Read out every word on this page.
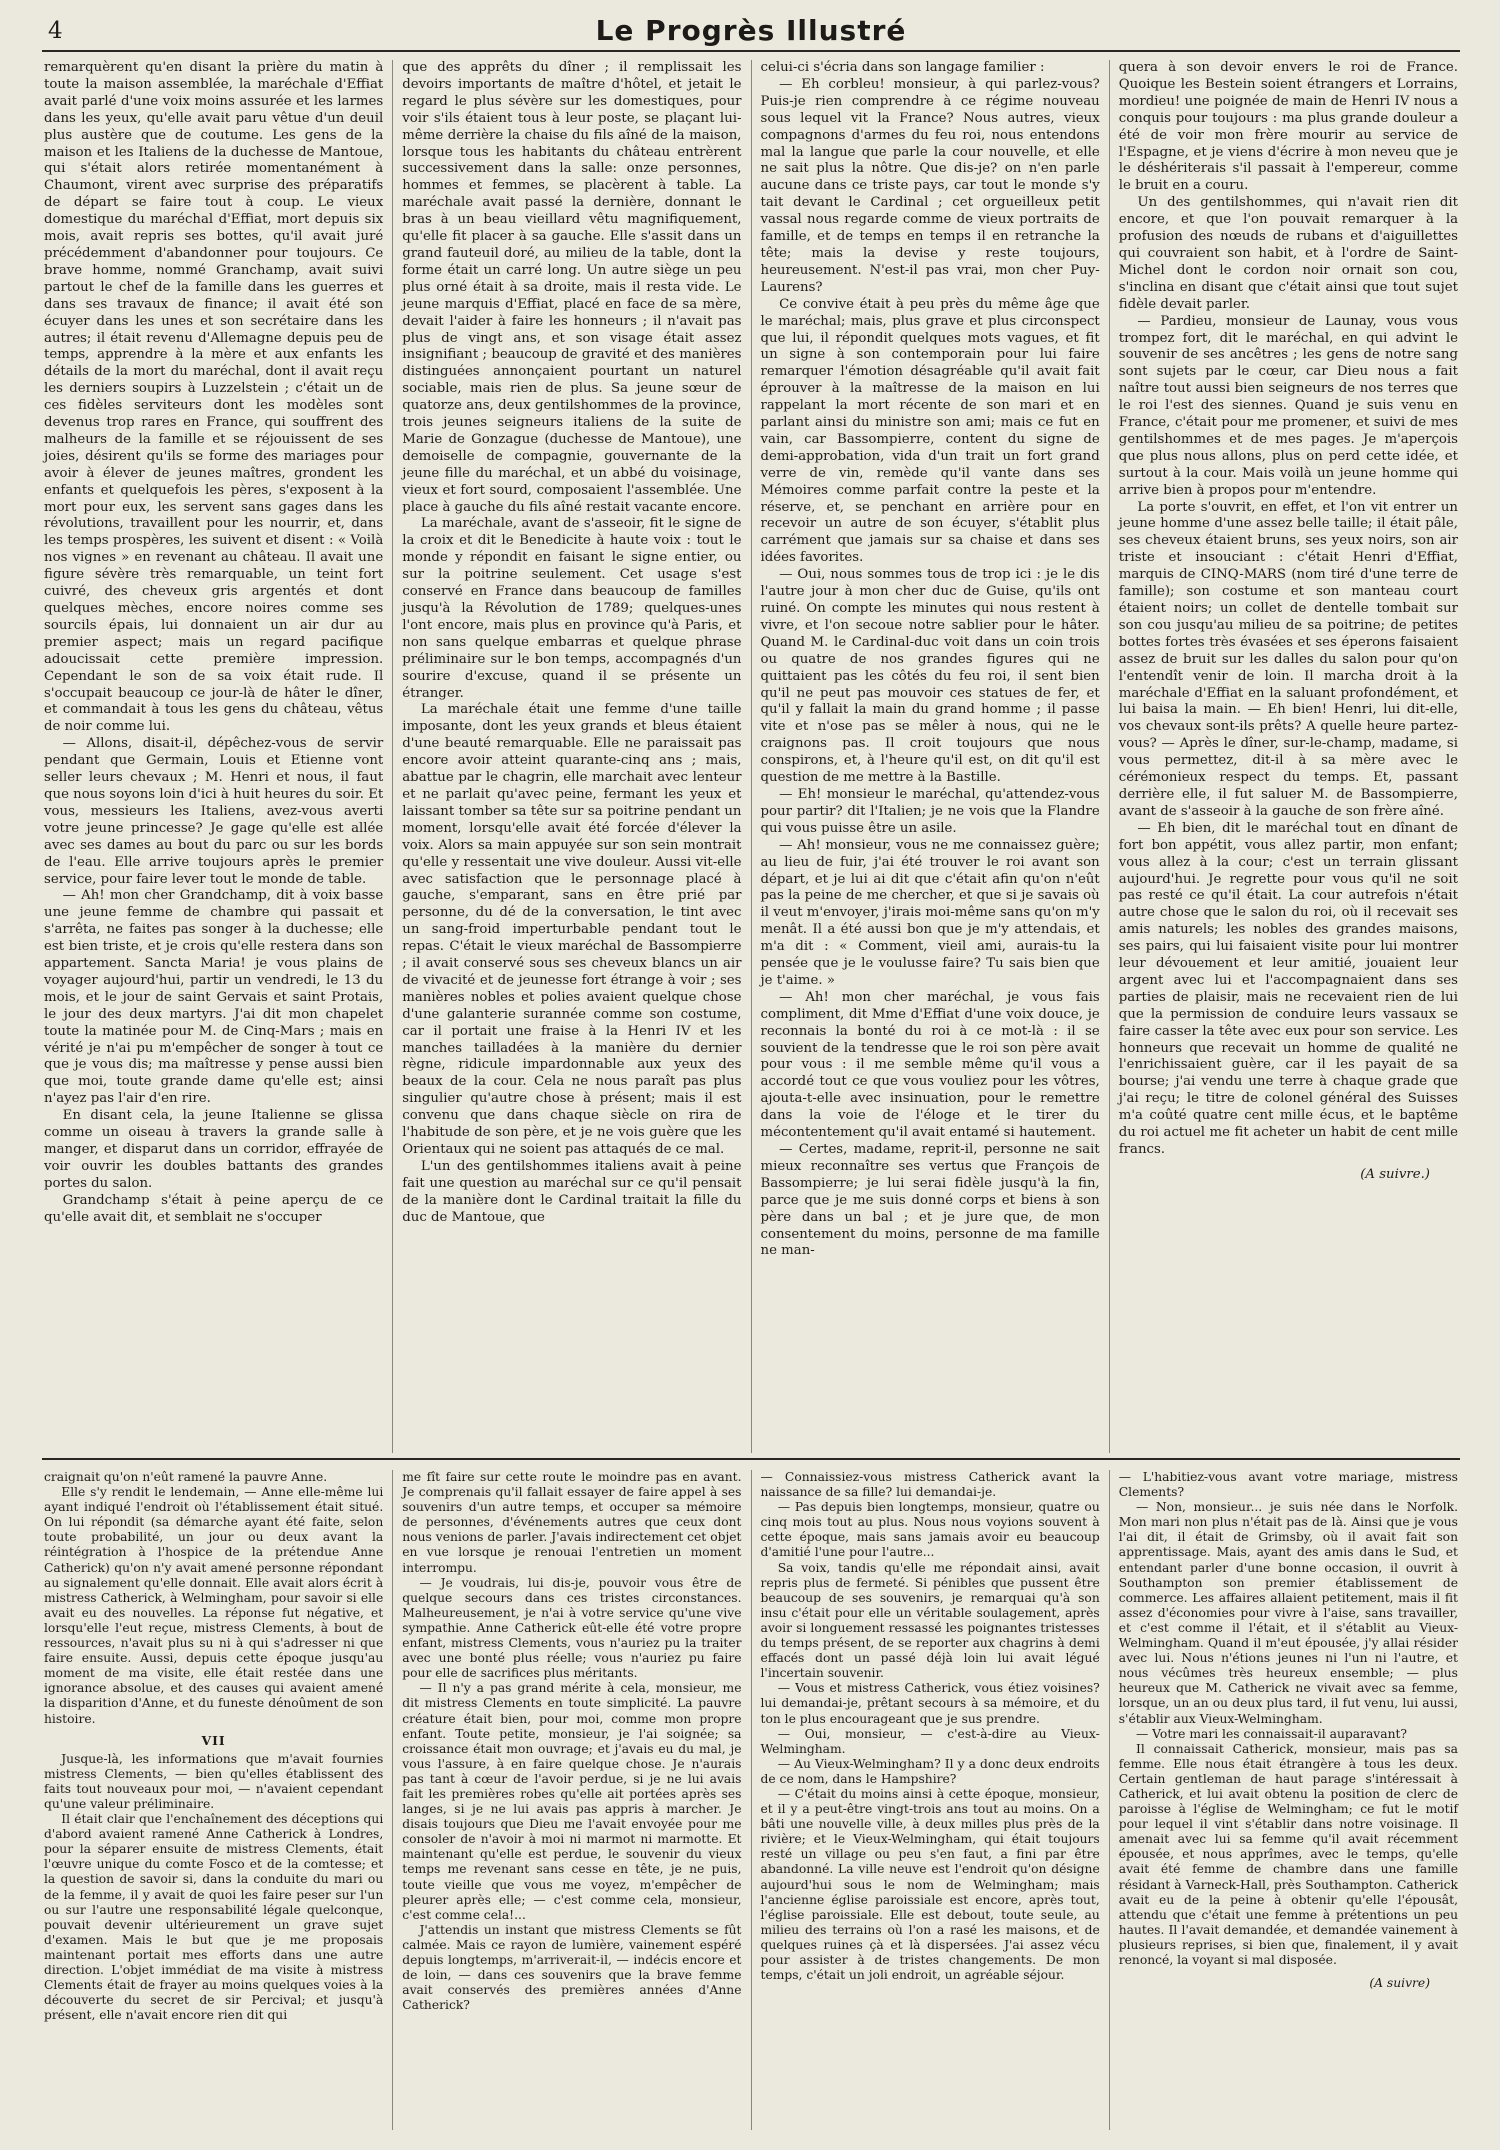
4	Le Progrès Illustré

remarquèrent qu'en disant la prière du matin à toute la maison assemblée, la maréchale d'Effiat avait parlé d'une voix moins assurée et les larmes dans les yeux, qu'elle avait paru vêtue d'un deuil plus austère que de coutume. Les gens de la maison et les Italiens de la duchesse de Mantoue, qui s'était alors retirée momentanément à Chaumont, virent avec surprise des préparatifs de départ se faire tout à coup. Le vieux domestique du maréchal d'Effiat, mort depuis six mois, avait repris ses bottes, qu'il avait juré précédemment d'abandonner pour toujours. Ce brave homme, nommé Granchamp, avait suivi partout le chef de la famille dans les guerres et dans ses travaux de finance; il avait été son écuyer dans les unes et son secrétaire dans les autres; il était revenu d'Allemagne depuis peu de temps, apprendre à la mère et aux enfants les détails de la mort du maréchal, dont il avait reçu les derniers soupirs à Luzzelstein ; c'était un de ces fidèles serviteurs dont les modèles sont devenus trop rares en France, qui souffrent des malheurs de la famille et se réjouissent de ses joies, désirent qu'ils se forme des mariages pour avoir à élever de jeunes maîtres, grondent les enfants et quelquefois les pères, s'exposent à la mort pour eux, les servent sans gages dans les révolutions, travaillent pour les nourrir, et, dans les temps prospères, les suivent et disent : « Voilà nos vignes » en revenant au château. Il avait une figure sévère très remarquable, un teint fort cuivré, des cheveux gris argentés et dont quelques mèches, encore noires comme ses sourcils épais, lui donnaient un air dur au premier aspect; mais un regard pacifique adoucissait cette première impression. Cependant le son de sa voix était rude. Il s'occupait beaucoup ce jour-là de hâter le dîner, et commandait à tous les gens du château, vêtus de noir comme lui.

— Allons, disait-il, dépêchez-vous de servir pendant que Germain, Louis et Etienne vont seller leurs chevaux ; M. Henri et nous, il faut que nous soyons loin d'ici à huit heures du soir. Et vous, messieurs les Italiens, avez-vous averti votre jeune princesse? Je gage qu'elle est allée avec ses dames au bout du parc ou sur les bords de l'eau. Elle arrive toujours après le premier service, pour faire lever tout le monde de table.

— Ah! mon cher Grandchamp, dit à voix basse une jeune femme de chambre qui passait et s'arrêta, ne faites pas songer à la duchesse; elle est bien triste, et je crois qu'elle restera dans son appartement. Sancta Maria! je vous plains de voyager aujourd'hui, partir un vendredi, le 13 du mois, et le jour de saint Gervais et saint Protais, le jour des deux martyrs. J'ai dit mon chapelet toute la matinée pour M. de Cinq-Mars ; mais en vérité je n'ai pu m'empêcher de songer à tout ce que je vous dis; ma maîtresse y pense aussi bien que moi, toute grande dame qu'elle est; ainsi n'ayez pas l'air d'en rire.

En disant cela, la jeune Italienne se glissa comme un oiseau à travers la grande salle à manger, et disparut dans un corridor, effrayée de voir ouvrir les doubles battants des grandes portes du salon.

Grandchamp s'était à peine aperçu de ce qu'elle avait dit, et semblait ne s'occuper

que des apprêts du dîner ; il remplissait les devoirs importants de maître d'hôtel, et jetait le regard le plus sévère sur les domestiques, pour voir s'ils étaient tous à leur poste, se plaçant lui-même derrière la chaise du fils aîné de la maison, lorsque tous les habitants du château entrèrent successivement dans la salle: onze personnes, hommes et femmes, se placèrent à table. La maréchale avait passé la dernière, donnant le bras à un beau vieillard vêtu magnifiquement, qu'elle fit placer à sa gauche. Elle s'assit dans un grand fauteuil doré, au milieu de la table, dont la forme était un carré long. Un autre siège un peu plus orné était à sa droite, mais il resta vide. Le jeune marquis d'Effiat, placé en face de sa mère, devait l'aider à faire les honneurs ; il n'avait pas plus de vingt ans, et son visage était assez insignifiant ; beaucoup de gravité et des manières distinguées annonçaient pourtant un naturel sociable, mais rien de plus. Sa jeune sœur de quatorze ans, deux gentilshommes de la province, trois jeunes seigneurs italiens de la suite de Marie de Gonzague (duchesse de Mantoue), une demoiselle de compagnie, gouvernante de la jeune fille du maréchal, et un abbé du voisinage, vieux et fort sourd, composaient l'assemblée. Une place à gauche du fils aîné restait vacante encore.

La maréchale, avant de s'asseoir, fit le signe de la croix et dit le Benedicite à haute voix : tout le monde y répondit en faisant le signe entier, ou sur la poitrine seulement. Cet usage s'est conservé en France dans beaucoup de familles jusqu'à la Révolution de 1789; quelques-unes l'ont encore, mais plus en province qu'à Paris, et non sans quelque embarras et quelque phrase préliminaire sur le bon temps, accompagnés d'un sourire d'excuse, quand il se présente un étranger.

La maréchale était une femme d'une taille imposante, dont les yeux grands et bleus étaient d'une beauté remarquable. Elle ne paraissait pas encore avoir atteint quarante-cinq ans ; mais, abattue par le chagrin, elle marchait avec lenteur et ne parlait qu'avec peine, fermant les yeux et laissant tomber sa tête sur sa poitrine pendant un moment, lorsqu'elle avait été forcée d'élever la voix. Alors sa main appuyée sur son sein montrait qu'elle y ressentait une vive douleur. Aussi vit-elle avec satisfaction que le personnage placé à gauche, s'emparant, sans en être prié par personne, du dé de la conversation, le tint avec un sang-froid imperturbable pendant tout le repas. C'était le vieux maréchal de Bassompierre ; il avait conservé sous ses cheveux blancs un air de vivacité et de jeunesse fort étrange à voir ; ses manières nobles et polies avaient quelque chose d'une galanterie surannée comme son costume, car il portait une fraise à la Henri IV et les manches tailladées à la manière du dernier règne, ridicule impardonnable aux yeux des beaux de la cour. Cela ne nous paraît pas plus singulier qu'autre chose à présent; mais il est convenu que dans chaque siècle on rira de l'habitude de son père, et je ne vois guère que les Orientaux qui ne soient pas attaqués de ce mal.

L'un des gentilshommes italiens avait à peine fait une question au maréchal sur ce qu'il pensait de la manière dont le Cardinal traitait la fille du duc de Mantoue, que

celui-ci s'écria dans son langage familier :

— Eh corbleu! monsieur, à qui parlez-vous? Puis-je rien comprendre à ce régime nouveau sous lequel vit la France? Nous autres, vieux compagnons d'armes du feu roi, nous entendons mal la langue que parle la cour nouvelle, et elle ne sait plus la nôtre. Que dis-je? on n'en parle aucune dans ce triste pays, car tout le monde s'y tait devant le Cardinal ; cet orgueilleux petit vassal nous regarde comme de vieux portraits de famille, et de temps en temps il en retranche la tête; mais la devise y reste toujours, heureusement. N'est-il pas vrai, mon cher Puy-Laurens?

Ce convive était à peu près du même âge que le maréchal; mais, plus grave et plus circonspect que lui, il répondit quelques mots vagues, et fit un signe à son contemporain pour lui faire remarquer l'émotion désagréable qu'il avait fait éprouver à la maîtresse de la maison en lui rappelant la mort récente de son mari et en parlant ainsi du ministre son ami; mais ce fut en vain, car Bassompierre, content du signe de demi-approbation, vida d'un trait un fort grand verre de vin, remède qu'il vante dans ses Mémoires comme parfait contre la peste et la réserve, et, se penchant en arrière pour en recevoir un autre de son écuyer, s'établit plus carrément que jamais sur sa chaise et dans ses idées favorites.

— Oui, nous sommes tous de trop ici : je le dis l'autre jour à mon cher duc de Guise, qu'ils ont ruiné. On compte les minutes qui nous restent à vivre, et l'on secoue notre sablier pour le hâter. Quand M. le Cardinal-duc voit dans un coin trois ou quatre de nos grandes figures qui ne quittaient pas les côtés du feu roi, il sent bien qu'il ne peut pas mouvoir ces statues de fer, et qu'il y fallait la main du grand homme ; il passe vite et n'ose pas se mêler à nous, qui ne le craignons pas. Il croit toujours que nous conspirons, et, à l'heure qu'il est, on dit qu'il est question de me mettre à la Bastille.

— Eh! monsieur le maréchal, qu'attendez-vous pour partir? dit l'Italien; je ne vois que la Flandre qui vous puisse être un asile.

— Ah! monsieur, vous ne me connaissez guère; au lieu de fuir, j'ai été trouver le roi avant son départ, et je lui ai dit que c'était afin qu'on n'eût pas la peine de me chercher, et que si je savais où il veut m'envoyer, j'irais moi-même sans qu'on m'y menât. Il a été aussi bon que je m'y attendais, et m'a dit : « Comment, vieil ami, aurais-tu la pensée que je le voulusse faire? Tu sais bien que je t'aime. »

— Ah! mon cher maréchal, je vous fais compliment, dit Mme d'Effiat d'une voix douce, je reconnais la bonté du roi à ce mot-là : il se souvient de la tendresse que le roi son père avait pour vous : il me semble même qu'il vous a accordé tout ce que vous vouliez pour les vôtres, ajouta-t-elle avec insinuation, pour le remettre dans la voie de l'éloge et le tirer du mécontentement qu'il avait entamé si hautement.

— Certes, madame, reprit-il, personne ne sait mieux reconnaître ses vertus que François de Bassompierre; je lui serai fidèle jusqu'à la fin, parce que je me suis donné corps et biens à son père dans un bal ; et je jure que, de mon consentement du moins, personne de ma famille ne man-

quera à son devoir envers le roi de France. Quoique les Bestein soient étrangers et Lorrains, mordieu! une poignée de main de Henri IV nous a conquis pour toujours : ma plus grande douleur a été de voir mon frère mourir au service de l'Espagne, et je viens d'écrire à mon neveu que je le déshériterais s'il passait à l'empereur, comme le bruit en a couru.

Un des gentilshommes, qui n'avait rien dit encore, et que l'on pouvait remarquer à la profusion des nœuds de rubans et d'aiguillettes qui couvraient son habit, et à l'ordre de Saint-Michel dont le cordon noir ornait son cou, s'inclina en disant que c'était ainsi que tout sujet fidèle devait parler.

— Pardieu, monsieur de Launay, vous vous trompez fort, dit le maréchal, en qui advint le souvenir de ses ancêtres ; les gens de notre sang sont sujets par le cœur, car Dieu nous a fait naître tout aussi bien seigneurs de nos terres que le roi l'est des siennes. Quand je suis venu en France, c'était pour me promener, et suivi de mes gentilshommes et de mes pages. Je m'aperçois que plus nous allons, plus on perd cette idée, et surtout à la cour. Mais voilà un jeune homme qui arrive bien à propos pour m'entendre.

La porte s'ouvrit, en effet, et l'on vit entrer un jeune homme d'une assez belle taille; il était pâle, ses cheveux étaient bruns, ses yeux noirs, son air triste et insouciant : c'était Henri d'Effiat, marquis de CINQ-MARS (nom tiré d'une terre de famille); son costume et son manteau court étaient noirs; un collet de dentelle tombait sur son cou jusqu'au milieu de sa poitrine; de petites bottes fortes très évasées et ses éperons faisaient assez de bruit sur les dalles du salon pour qu'on l'entendît venir de loin. Il marcha droit à la maréchale d'Effiat en la saluant profondément, et lui baisa la main. — Eh bien! Henri, lui dit-elle, vos chevaux sont-ils prêts? A quelle heure partez-vous? — Après le dîner, sur-le-champ, madame, si vous permettez, dit-il à sa mère avec le cérémonieux respect du temps. Et, passant derrière elle, il fut saluer M. de Bassompierre, avant de s'asseoir à la gauche de son frère aîné.

— Eh bien, dit le maréchal tout en dînant de fort bon appétit, vous allez partir, mon enfant; vous allez à la cour; c'est un terrain glissant aujourd'hui. Je regrette pour vous qu'il ne soit pas resté ce qu'il était. La cour autrefois n'était autre chose que le salon du roi, où il recevait ses amis naturels; les nobles des grandes maisons, ses pairs, qui lui faisaient visite pour lui montrer leur dévouement et leur amitié, jouaient leur argent avec lui et l'accompagnaient dans ses parties de plaisir, mais ne recevaient rien de lui que la permission de conduire leurs vassaux se faire casser la tête avec eux pour son service. Les honneurs que recevait un homme de qualité ne l'enrichissaient guère, car il les payait de sa bourse; j'ai vendu une terre à chaque grade que j'ai reçu; le titre de colonel général des Suisses m'a coûté quatre cent mille écus, et le baptême du roi actuel me fit acheter un habit de cent mille francs.

(A suivre.)

craignait qu'on n'eût ramené la pauvre Anne.

Elle s'y rendit le lendemain, — Anne elle-même lui ayant indiqué l'endroit où l'établissement était situé. On lui répondit (sa démarche ayant été faite, selon toute probabilité, un jour ou deux avant la réintégration à l'hospice de la prétendue Anne Catherick) qu'on n'y avait amené personne répondant au signalement qu'elle donnait. Elle avait alors écrit à mistress Catherick, à Welmingham, pour savoir si elle avait eu des nouvelles. La réponse fut négative, et lorsqu'elle l'eut reçue, mistress Clements, à bout de ressources, n'avait plus su ni à qui s'adresser ni que faire ensuite. Aussi, depuis cette époque jusqu'au moment de ma visite, elle était restée dans une ignorance absolue, et des causes qui avaient amené la disparition d'Anne, et du funeste dénoûment de son histoire.

VII

Jusque-là, les informations que m'avait fournies mistress Clements, — bien qu'elles établissent des faits tout nouveaux pour moi, — n'avaient cependant qu'une valeur préliminaire.

Il était clair que l'enchaînement des déceptions qui d'abord avaient ramené Anne Catherick à Londres, pour la séparer ensuite de mistress Clements, était l'œuvre unique du comte Fosco et de la comtesse; et la question de savoir si, dans la conduite du mari ou de la femme, il y avait de quoi les faire peser sur l'un ou sur l'autre une responsabilité légale quelconque, pouvait devenir ultérieurement un grave sujet d'examen. Mais le but que je me proposais maintenant portait mes efforts dans une autre direction. L'objet immédiat de ma visite à mistress Clements était de frayer au moins quelques voies à la découverte du secret de sir Percival; et jusqu'à présent, elle n'avait encore rien dit qui

me fît faire sur cette route le moindre pas en avant. Je comprenais qu'il fallait essayer de faire appel à ses souvenirs d'un autre temps, et occuper sa mémoire de personnes, d'événements autres que ceux dont nous venions de parler. J'avais indirectement cet objet en vue lorsque je renouai l'entretien un moment interrompu.

— Je voudrais, lui dis-je, pouvoir vous être de quelque secours dans ces tristes circonstances. Malheureusement, je n'ai à votre service qu'une vive sympathie. Anne Catherick eût-elle été votre propre enfant, mistress Clements, vous n'auriez pu la traiter avec une bonté plus réelle; vous n'auriez pu faire pour elle de sacrifices plus méritants.

— Il n'y a pas grand mérite à cela, monsieur, me dit mistress Clements en toute simplicité. La pauvre créature était bien, pour moi, comme mon propre enfant. Toute petite, monsieur, je l'ai soignée; sa croissance était mon ouvrage; et j'avais eu du mal, je vous l'assure, à en faire quelque chose. Je n'aurais pas tant à cœur de l'avoir perdue, si je ne lui avais fait les premières robes qu'elle ait portées après ses langes, si je ne lui avais pas appris à marcher. Je disais toujours que Dieu me l'avait envoyée pour me consoler de n'avoir à moi ni marmot ni marmotte. Et maintenant qu'elle est perdue, le souvenir du vieux temps me revenant sans cesse en tête, je ne puis, toute vieille que vous me voyez, m'empêcher de pleurer après elle; — c'est comme cela, monsieur, c'est comme cela!...

J'attendis un instant que mistress Clements se fût calmée. Mais ce rayon de lumière, vainement espéré depuis longtemps, m'arriverait-il, — indécis encore et de loin, — dans ces souvenirs que la brave femme avait conservés des premières années d'Anne Catherick?

— Connaissiez-vous mistress Catherick avant la naissance de sa fille? lui demandai-je.

— Pas depuis bien longtemps, monsieur, quatre ou cinq mois tout au plus. Nous nous voyions souvent à cette époque, mais sans jamais avoir eu beaucoup d'amitié l'une pour l'autre...

Sa voix, tandis qu'elle me répondait ainsi, avait repris plus de fermeté. Si pénibles que pussent être beaucoup de ses souvenirs, je remarquai qu'à son insu c'était pour elle un véritable soulagement, après avoir si longuement ressassé les poignantes tristesses du temps présent, de se reporter aux chagrins à demi effacés dont un passé déjà loin lui avait légué l'incertain souvenir.

— Vous et mistress Catherick, vous étiez voisines? lui demandai-je, prêtant secours à sa mémoire, et du ton le plus encourageant que je sus prendre.

— Oui, monsieur, — c'est-à-dire au Vieux-Welmingham.

— Au Vieux-Welmingham? Il y a donc deux endroits de ce nom, dans le Hampshire?

— C'était du moins ainsi à cette époque, monsieur, et il y a peut-être vingt-trois ans tout au moins. On a bâti une nouvelle ville, à deux milles plus près de la rivière; et le Vieux-Welmingham, qui était toujours resté un village ou peu s'en faut, a fini par être abandonné. La ville neuve est l'endroit qu'on désigne aujourd'hui sous le nom de Welmingham; mais l'ancienne église paroissiale est encore, après tout, l'église paroissiale. Elle est debout, toute seule, au milieu des terrains où l'on a rasé les maisons, et de quelques ruines çà et là dispersées. J'ai assez vécu pour assister à de tristes changements. De mon temps, c'était un joli endroit, un agréable séjour.

— L'habitiez-vous avant votre mariage, mistress Clements?

— Non, monsieur... je suis née dans le Norfolk. Mon mari non plus n'était pas de là. Ainsi que je vous l'ai dit, il était de Grimsby, où il avait fait son apprentissage. Mais, ayant des amis dans le Sud, et entendant parler d'une bonne occasion, il ouvrit à Southampton son premier établissement de commerce. Les affaires allaient petitement, mais il fit assez d'économies pour vivre à l'aise, sans travailler, et c'est comme il l'était, et il s'établit au Vieux-Welmingham. Quand il m'eut épousée, j'y allai résider avec lui. Nous n'étions jeunes ni l'un ni l'autre, et nous vécûmes très heureux ensemble; — plus heureux que M. Catherick ne vivait avec sa femme, lorsque, un an ou deux plus tard, il fut venu, lui aussi, s'établir aux Vieux-Welmingham.

— Votre mari les connaissait-il auparavant?

Il connaissait Catherick, monsieur, mais pas sa femme. Elle nous était étrangère à tous les deux. Certain gentleman de haut parage s'intéressait à Catherick, et lui avait obtenu la position de clerc de paroisse à l'église de Welmingham; ce fut le motif pour lequel il vint s'établir dans notre voisinage. Il amenait avec lui sa femme qu'il avait récemment épousée, et nous apprîmes, avec le temps, qu'elle avait été femme de chambre dans une famille résidant à Varneck-Hall, près Southampton. Catherick avait eu de la peine à obtenir qu'elle l'épousât, attendu que c'était une femme à prétentions un peu hautes. Il l'avait demandée, et demandée vainement à plusieurs reprises, si bien que, finalement, il y avait renoncé, la voyant si mal disposée.

(A suivre)
